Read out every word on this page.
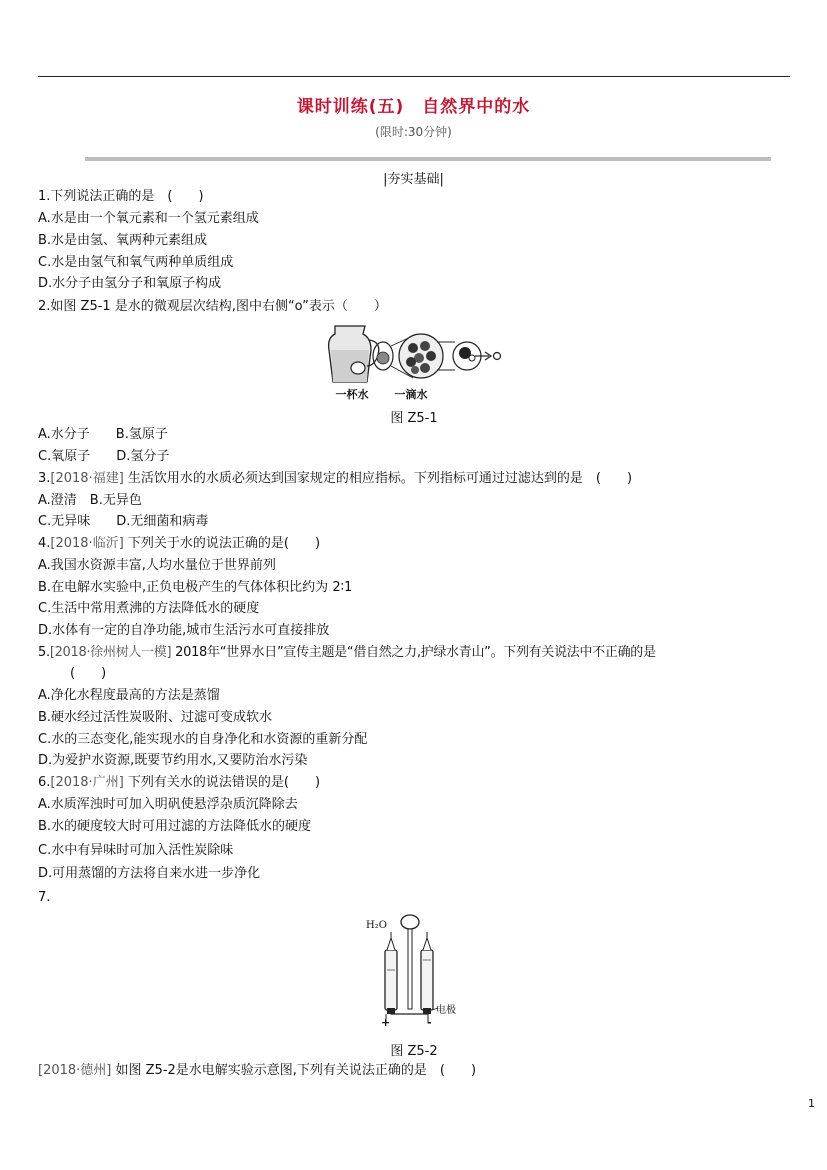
课时训练(五)　自然界中的水
(限时:30分钟)
|夯实基础|
1.下列说法正确的是　(　　)
A.水是由一个氧元素和一个氢元素组成
B.水是由氢、氧两种元素组成
C.水是由氢气和氧气两种单质组成
D.水分子由氢分子和氧原子构成
2.如图 Z5-1 是水的微观层次结构,图中右侧“o”表示（　　）
一杯水	一滴水
图 Z5-1
A.水分子　　B.氢原子
C.氧原子　　D.氢分子
3.[2018·福建] 生活饮用水的水质必须达到国家规定的相应指标。下列指标可通过过滤达到的是　(　　)
A.澄清　B.无异色
C.无异味　　D.无细菌和病毒
4.[2018·临沂] 下列关于水的说法正确的是(　　)
A.我国水资源丰富,人均水量位于世界前列
B.在电解水实验中,正负电极产生的气体体积比约为 2∶1
C.生活中常用煮沸的方法降低水的硬度
D.水体有一定的自净功能,城市生活污水可直接排放
5.[2018·徐州树人一模] 2018年“世界水日”宣传主题是“借自然之力,护绿水青山”。下列有关说法中不正确的是
(　　)
A.净化水程度最高的方法是蒸馏
B.硬水经过活性炭吸附、过滤可变成软水
C.水的三态变化,能实现水的自身净化和水资源的重新分配
D.为爱护水资源,既要节约用水,又要防治水污染
6.[2018·广州] 下列有关水的说法错误的是(　　)
A.水质浑浊时可加入明矾使悬浮杂质沉降除去
B.水的硬度较大时可用过滤的方法降低水的硬度
C.水中有异味时可加入活性炭除味
D.可用蒸馏的方法将自来水进一步净化
7.
H₂O
电极
+	-
图 Z5-2
[2018·德州] 如图 Z5-2是水电解实验示意图,下列有关说法正确的是　(　　)
1
